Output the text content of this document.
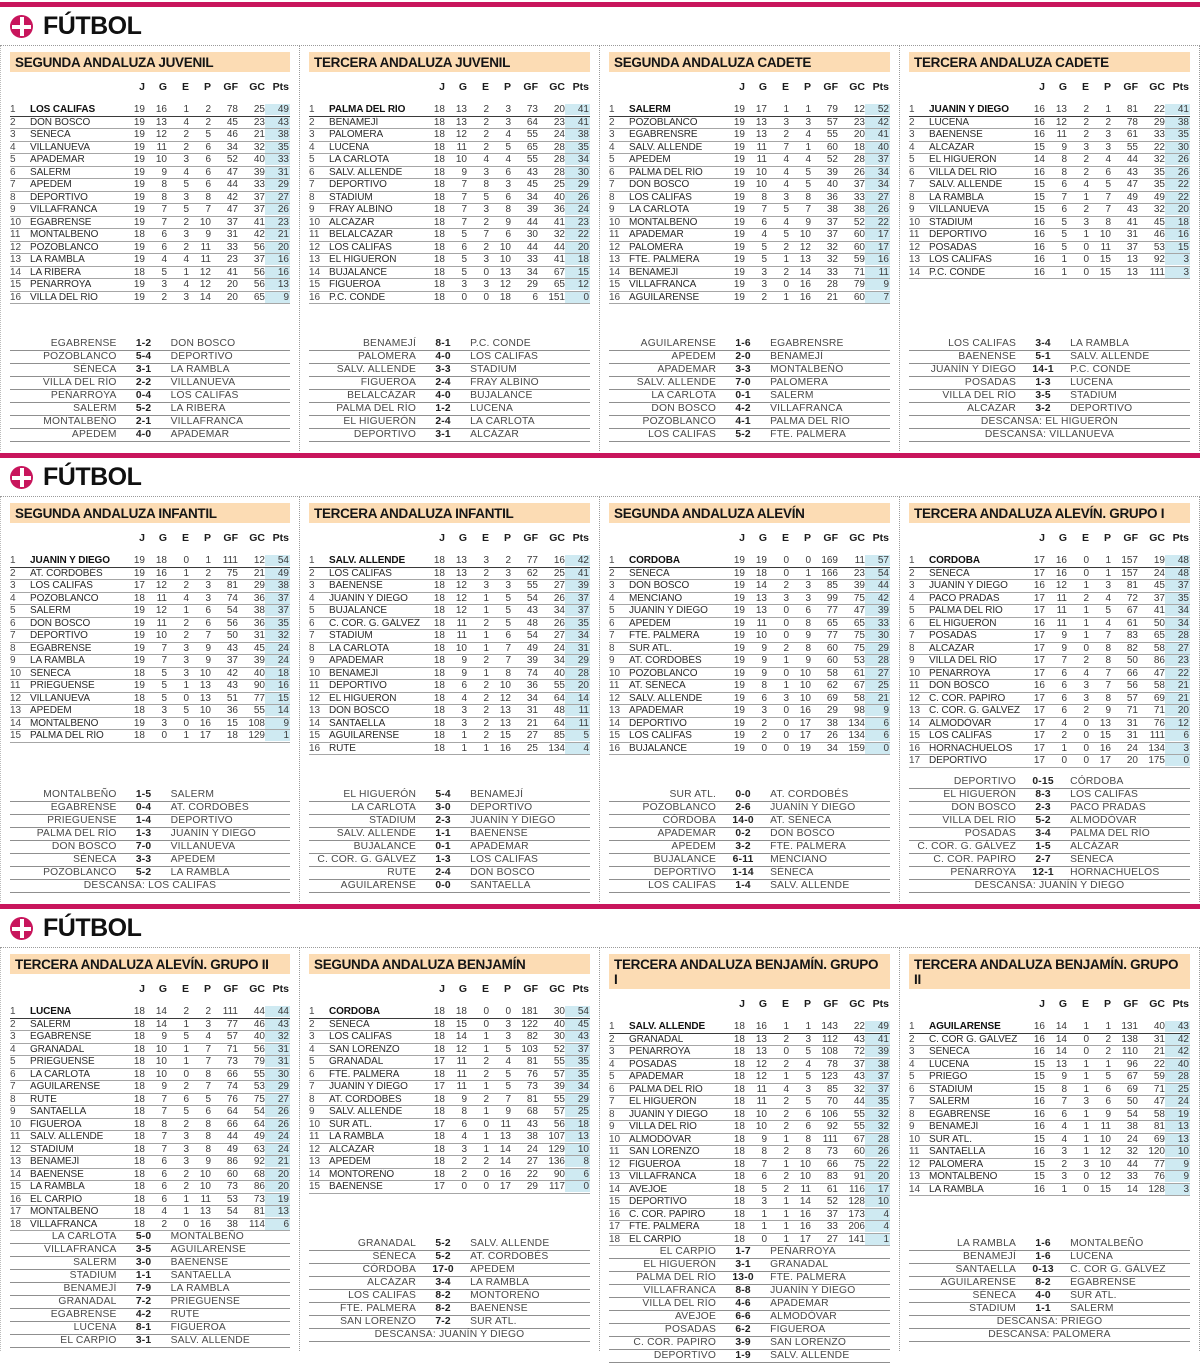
FÚTBOL
SEGUNDA ANDALUZA JUVENIL
J	G	E	P	GF	GC Pts
1	LOS CALIFAS	19	16	1	2	78	25	49
2	DON BOSCO	19	13	4	2	45	23	43
3	SÉNECA	19	12	2	5	46	21	38
4	VILLANUEVA	19	11	2	6	34	32	35
5	APADEMAR	19	10	3	6	52	40	33
6	SALERM	19	9	4	6	47	39	31
7	APEDEM	19	8	5	6	44	33	29
8	DEPORTIVO	19	8	3	8	42	37	27
9	VILLAFRANCA	19	7	5	7	47	37	26
10 EGABRENSE	19	7	2	10	37	41	23
11 MONTALBEÑO	18	6	3	9	31	42	21
12 POZOBLANCO	19	6	2	11	33	56	20
13 LA RAMBLA	19	4	4	11	23	37	16
14 LA RIBERA	18	5	1	12	41	56	16
15 PEÑARROYA	19	3	4	12	20	56	13
16 VILLA DEL RÍO	19	2	3	14	20	65	9
EGABRENSE	1-2	DON BOSCO
POZOBLANCO	5-4	DEPORTIVO
SÉNECA	3-1	LA RAMBLA
VILLA DEL RÍO	2-2	VILLANUEVA
PEÑARROYA	0-4	LOS CALIFAS
SALERM	5-2	LA RIBERA
MONTALBEÑO	2-1	VILLAFRANCA
APEDEM	4-0	APADEMAR
TERCERA ANDALUZA JUVENIL
J	G	E	P	GF	GC Pts
1	PALMA DEL RÍO	18	13	2	3	73	20	41
2	BENAMEJÍ	18	13	2	3	64	23	41
3	PALOMERA	18	12	2	4	55	24	38
4	LUCENA	18	11	2	5	65	28	35
5	LA CARLOTA	18	10	4	4	55	28	34
6	SALV. ALLENDE	18	9	3	6	43	28	30
7	DEPORTIVO	18	7	8	3	45	25	29
8	STADIUM	18	7	5	6	34	40	26
9	FRAY ALBINO	18	7	3	8	39	36	24
10 ALCÁZAR	18	7	2	9	44	41	23
11 BELALCÁZAR	18	5	7	6	30	32	22
12 LOS CALIFAS	18	6	2	10	44	44	20
13 EL HIGUERÓN	18	5	3	10	33	41	18
14 BUJALANCE	18	5	0	13	34	67	15
15 FIGUEROA	18	3	3	12	29	65	12
16 P.C. CONDE	18	0	0	18	6	151	0
BENAMEJÍ	8-1	P.C. CONDE
PALOMERA	4-0	LOS CALIFAS
SALV. ALLENDE	3-3	STADIUM
FIGUEROA	2-4	FRAY ALBINO
BELALCÁZAR	4-0	BUJALANCE
PALMA DEL RÍO	1-2	LUCENA
EL HIGUERÓN	2-4	LA CARLOTA
DEPORTIVO	3-1	ALCÁZAR
SEGUNDA ANDALUZA CADETE
J	G	E	P	GF	GC Pts
1	SALERM	19	17	1	1	79	12	52
2	POZOBLANCO	19	13	3	3	57	23	42
3	EGABRENSRE	19	13	2	4	55	20	41
4	SALV. ALLENDE	19	11	7	1	60	18	40
5	APEDEM	19	11	4	4	52	28	37
6	PALMA DEL RÍO	19	10	4	5	39	26	34
7	DON BOSCO	19	10	4	5	40	37	34
8	LOS CALIFAS	19	8	3	8	36	33	27
9	LA CARLOTA	19	7	5	7	38	38	26
10 MONTALBEÑO	19	6	4	9	37	52	22
11 APADEMAR	19	4	5	10	37	60	17
12 PALOMERA	19	5	2	12	32	60	17
13 FTE. PALMERA	19	5	1	13	32	59	16
14 BENAMEJÍ	19	3	2	14	33	71	11
15 VILLAFRANCA	19	3	0	16	28	79	9
16 AGUILARENSE	19	2	1	16	21	60	7
AGUILARENSE	1-6	EGABRENSRE
APEDEM	2-0	BENAMEJÍ
APADEMAR	3-3	MONTALBEÑO
SALV. ALLENDE	7-0	PALOMERA
LA CARLOTA	0-1	SALERM
DON BOSCO	4-2	VILLAFRANCA
POZOBLANCO	4-1	PALMA DEL RÍO
LOS CALIFAS	5-2	FTE. PALMERA
TERCERA ANDALUZA CADETE
J	G	E	P	GF	GC Pts
1	JUANÍN Y DIEGO	16	13	2	1	81	22	41
2	LUCENA	16	12	2	2	78	29	38
3	BAENENSE	16	11	2	3	61	33	35
4	ALCÁZAR	15	9	3	3	55	22	30
5	EL HIGUERÓN	14	8	2	4	44	32	26
6	VILLA DEL RÍO	16	8	2	6	43	35	26
7	SALV. ALLENDE	15	6	4	5	47	35	22
8	LA RAMBLA	15	7	1	7	49	49	22
9	VILLANUEVA	15	6	2	7	43	32	20
10 STADIUM	16	5	3	8	41	45	18
11 DEPORTIVO	16	5	1	10	31	46	16
12 POSADAS	16	5	0	11	37	53	15
13 LOS CALIFAS	16	1	0	15	13	92	3
14 P.C. CONDE	16	1	0	15	13	111	3
LOS CALIFAS	3-4	LA RAMBLA
BAENENSE	5-1	SALV. ALLENDE
JUANÍN Y DIEGO	14-1	P.C. CONDE
POSADAS	1-3	LUCENA
VILLA DEL RÍO	3-5	STADIUM
ALCÁZAR	3-2	DEPORTIVO
DESCANSA: EL HIGUERÓN
DESCANSA: VILLANUEVA
FÚTBOL
SEGUNDA ANDALUZA INFANTIL
J	G	E	P	GF	GC Pts
1	JUANÍN Y DIEGO	19	18	0	1	111	12	54
2	AT. CORDOBÉS	19	16	1	2	75	21	49
3	LOS CALIFAS	17	12	2	3	81	29	38
4	POZOBLANCO	18	11	4	3	74	36	37
5	SALERM	19	12	1	6	54	38	37
6	DON BOSCO	19	11	2	6	56	36	35
7	DEPORTIVO	19	10	2	7	50	31	32
8	EGABRENSE	19	7	3	9	43	45	24
9	LA RAMBLA	19	7	3	9	37	39	24
10 SÉNECA	18	5	3	10	42	40	18
11 PRIEGUENSE	19	5	1	13	43	90	16
12 VILLANUEVA	18	5	0	13	51	77	15
13 APEDEM	18	3	5	10	36	55	14
14 MONTALBEÑO	19	3	0	16	15	108	9
15 PALMA DEL RÍO	18	0	1	17	18	129	1
MONTALBEÑO	1-5	SALERM
EGABRENSE	0-4	AT. CORDOBÉS
PRIEGUENSE	1-4	DEPORTIVO
PALMA DEL RÍO	1-3	JUANÍN Y DIEGO
DON BOSCO	7-0	VILLANUEVA
SÉNECA	3-3	APEDEM
POZOBLANCO	5-2	LA RAMBLA
DESCANSA: LOS CALIFAS
TERCERA ANDALUZA INFANTIL
J	G	E	P	GF	GC Pts
1	SALV. ALLENDE	18	13	3	2	77	16	42
2	LOS CALIFAS	18	13	2	3	62	25	41
3	BAENENSE	18	12	3	3	55	27	39
4	JUANÍN Y DIEGO	18	12	1	5	54	26	37
5	BUJALANCE	18	12	1	5	43	34	37
6	C. COR. G. GÁLVEZ	18	11	2	5	48	26	35
7	STADIUM	18	11	1	6	54	27	34
8	LA CARLOTA	18	10	1	7	49	24	31
9	APADEMAR	18	9	2	7	39	34	29
10 BENAMEJÍ	18	9	1	8	74	40	28
11 DEPORTIVO	18	6	2	10	36	55	20
12 EL HIGUERÓN	18	4	2	12	34	64	14
13 DON BOSCO	18	3	2	13	31	48	11
14 SANTAELLA	18	3	2	13	21	64	11
15 AGUILARENSE	18	1	2	15	27	85	5
16 RUTE	18	1	1	16	25	134	4
EL HIGUERÓN	5-4	BENAMEJÍ
LA CARLOTA	3-0	DEPORTIVO
STADIUM	2-3	JUANÍN Y DIEGO
SALV. ALLENDE	1-1	BAENENSE
BUJALANCE	0-1	APADEMAR
C. COR. G. GÁLVEZ	1-3	LOS CALIFAS
RUTE	2-4	DON BOSCO
AGUILARENSE	0-0	SANTAELLA
SEGUNDA ANDALUZA ALEVÍN
J	G	E	P	GF	GC Pts
1	CÓRDOBA	19	19	0	0	169	11	57
2	SÉNECA	19	18	0	1	166	23	54
3	DON BOSCO	19	14	2	3	85	39	44
4	MENCIANO	19	13	3	3	99	75	42
5	JUANÍN Y DIEGO	19	13	0	6	77	47	39
6	APEDEM	19	11	0	8	65	65	33
7	FTE. PALMERA	19	10	0	9	77	75	30
8	SUR ATL.	19	9	2	8	60	75	29
9	AT. CORDOBÉS	19	9	1	9	60	53	28
10 POZOBLANCO	19	9	0	10	58	61	27
11 AT. SÉNECA	19	8	1	10	62	67	25
12 SALV. ALLENDE	19	6	3	10	69	58	21
13 APADEMAR	19	3	0	16	29	98	9
14 DEPORTIVO	19	2	0	17	38	134	6
15 LOS CALIFAS	19	2	0	17	26	134	6
16 BUJALANCE	19	0	0	19	34	159	0
SUR ATL.	0-0	AT. CORDOBÉS
POZOBLANCO	2-6	JUANÍN Y DIEGO
CÓRDOBA	14-0	AT. SÉNECA
APADEMAR	0-2	DON BOSCO
APEDEM	3-2	FTE. PALMERA
BUJALANCE	6-11	MENCIANO
DEPORTIVO	1-14	SÉNECA
LOS CALIFAS	1-4	SALV. ALLENDE
TERCERA ANDALUZA ALEVÍN. GRUPO I
J	G	E	P	GF	GC Pts
1	CÓRDOBA	17	16	0	1	157	19	48
2	SÉNECA	17	16	0	1	157	24	48
3	JUANÍN Y DIEGO	16	12	1	3	81	45	37
4	PACO PRADAS	17	11	2	4	72	37	35
5	PALMA DEL RÍO	17	11	1	5	67	41	34
6	EL HIGUERÓN	16	11	1	4	61	50	34
7	POSADAS	17	9	1	7	83	65	28
8	ALCÁZAR	17	9	0	8	82	58	27
9	VILLA DEL RÍO	17	7	2	8	50	86	23
10 PEÑARROYA	17	6	4	7	66	47	22
11 DON BOSCO	16	6	3	7	56	58	21
12 C. COR. PAPIRO	17	6	3	8	57	69	21
13 C. COR. G. GÁLVEZ	17	6	2	9	71	71	20
14 ALMODÓVAR	17	4	0	13	31	76	12
15 LOS CALIFAS	17	2	0	15	31	111	6
16 HORNACHUELOS	17	1	0	16	24	134	3
17 DEPORTIVO	17	0	0	17	20	175	0
DEPORTIVO	0-15	CÓRDOBA
EL HIGUERÓN	8-3	LOS CALIFAS
DON BOSCO	2-3	PACO PRADAS
VILLA DEL RÍO	5-2	ALMODÓVAR
POSADAS	3-4	PALMA DEL RÍO
C. COR. G. GÁLVEZ	1-5	ALCÁZAR
C. COR. PAPIRO	2-7	SÉNECA
PEÑARROYA	12-1	HORNACHUELOS
DESCANSA: JUANÍN Y DIEGO
FÚTBOL
TERCERA ANDALUZA ALEVÍN. GRUPO II
J	G	E	P	GF	GC Pts
1	LUCENA	18	14	2	2	111	44	44
2	SALERM	18	14	1	3	77	46	43
3	EGABRENSE	18	9	5	4	57	40	32
4	GRANADAL	18	10	1	7	71	56	31
5	PRIEGUENSE	18	10	1	7	73	79	31
6	LA CARLOTA	18	10	0	8	66	55	30
7	AGUILARENSE	18	9	2	7	74	53	29
8	RUTE	18	7	6	5	76	75	27
9	SANTAELLA	18	7	5	6	64	54	26
10 FIGUEROA	18	8	2	8	66	64	26
11 SALV. ALLENDE	18	7	3	8	44	49	24
12 STADIUM	18	7	3	8	49	63	24
13 BENAMEJÍ	18	6	3	9	86	92	21
14 BAENENSE	18	6	2	10	60	68	20
15 LA RAMBLA	18	6	2	10	73	86	20
16 EL CARPIO	18	6	1	11	53	73	19
17 MONTALBEÑO	18	4	1	13	54	81	13
18 VILLAFRANCA	18	2	0	16	38	114	6
LA CARLOTA	5-0	MONTALBEÑO
VILLAFRANCA	3-5	AGUILARENSE
SALERM	3-0	BAENENSE
STADIUM	1-1	SANTAELLA
BENAMEJÍ	7-9	LA RAMBLA
GRANADAL	7-2	PRIEGUENSE
EGABRENSE	4-2	RUTE
LUCENA	8-1	FIGUEROA
EL CARPIO	3-1	SALV. ALLENDE
SEGUNDA ANDALUZA BENJAMÍN
J	G	E	P	GF	GC Pts
1	CÓRDOBA	18	18	0	0	181	30	54
2	SÉNECA	18	15	0	3	122	40	45
3	LOS CALIFAS	18	14	1	3	82	30	43
4	SAN LORENZO	18	12	1	5	103	52	37
5	GRANADAL	17	11	2	4	81	55	35
6	FTE. PALMERA	18	11	2	5	76	57	35
7	JUANÍN Y DIEGO	17	11	1	5	73	39	34
8	AT. CORDOBÉS	18	9	2	7	81	55	29
9	SALV. ALLENDE	18	8	1	9	68	57	25
10 SUR ATL.	17	6	0	11	43	56	18
11 LA RAMBLA	18	4	1	13	38	107	13
12 ALCÁZAR	18	3	1	14	24	129	10
13 APEDEM	18	2	2	14	27	136	8
14 MONTOREÑO	18	2	0	16	22	90	6
15 BAENENSE	17	0	0	17	29	117	0
GRANADAL	5-2	SALV. ALLENDE
SÉNECA	5-2	AT. CORDOBÉS
CÓRDOBA	17-0	APEDEM
ALCÁZAR	3-4	LA RAMBLA
LOS CALIFAS	8-2	MONTOREÑO
FTE. PALMERA	8-2	BAENENSE
SAN LORENZO	7-2	SUR ATL.
DESCANSA: JUANÍN Y DIEGO
TERCERA ANDALUZA BENJAMÍN. GRUPO I
J	G	E	P	GF	GC Pts
1	SALV. ALLENDE	18	16	1	1	143	22	49
2	GRANADAL	18	13	2	3	112	43	41
3	PEÑARROYA	18	13	0	5	108	72	39
4	POSADAS	18	12	2	4	78	37	38
5	APADEMAR	18	12	1	5	123	43	37
6	PALMA DEL RÍO	18	11	4	3	85	32	37
7	EL HIGUERÓN	18	11	2	5	70	44	35
8	JUANÍN Y DIEGO	18	10	2	6	106	55	32
9	VILLA DEL RÍO	18	10	2	6	92	55	32
10 ALMODÓVAR	18	9	1	8	111	67	28
11 SAN LORENZO	18	8	2	8	73	60	26
12 FIGUEROA	18	7	1	10	66	75	22
13 VILLAFRANCA	18	6	2	10	83	91	20
14 AVEJOE	18	5	2	11	61	116	17
15 DEPORTIVO	18	3	1	14	52	128	10
16 C. COR. PAPIRO	18	1	1	16	37	173	4
17 FTE. PALMERA	18	1	1	16	33	206	4
18 EL CARPIO	18	0	1	17	27	141	1
EL CARPIO	1-7	PEÑARROYA
EL HIGUERÓN	3-1	GRANADAL
PALMA DEL RÍO	13-0	FTE. PALMERA
VILLAFRANCA	8-8	JUANÍN Y DIEGO
VILLA DEL RÍO	4-6	APADEMAR
AVEJOE	6-6	ALMODÓVAR
POSADAS	6-2	FIGUEROA
C. COR. PAPIRO	3-9	SAN LORENZO
DEPORTIVO	1-9	SALV. ALLENDE
TERCERA ANDALUZA BENJAMÍN. GRUPO II
J	G	E	P	GF	GC Pts
1	AGUILARENSE	16	14	1	1	131	40	43
2	C. COR G. GÁLVEZ	16	14	0	2	138	31	42
3	SÉNECA	16	14	0	2	110	21	42
4	LUCENA	15	13	1	1	96	22	40
5	PRIEGO	15	9	1	5	67	59	28
6	STADIUM	15	8	1	6	69	71	25
7	SALERM	16	7	3	6	50	47	24
8	EGABRENSE	16	6	1	9	54	58	19
9	BENAMEJÍ	16	4	1	11	38	81	13
10 SUR ATL.	15	4	1	10	24	69	13
11 SANTAELLA	16	3	1	12	32	120	10
12 PALOMERA	15	2	3	10	44	77	9
13 MONTALBEÑO	15	3	0	12	33	76	9
14 LA RAMBLA	16	1	0	15	14	128	3
LA RAMBLA	1-6	MONTALBEÑO
BENAMEJÍ	1-6	LUCENA
SANTAELLA	0-13	C. COR G. GÁLVEZ
AGUILARENSE	8-2	EGABRENSE
SÉNECA	4-0	SUR ATL.
STADIUM	1-1	SALERM
DESCANSA: PRIEGO
DESCANSA: PALOMERA
